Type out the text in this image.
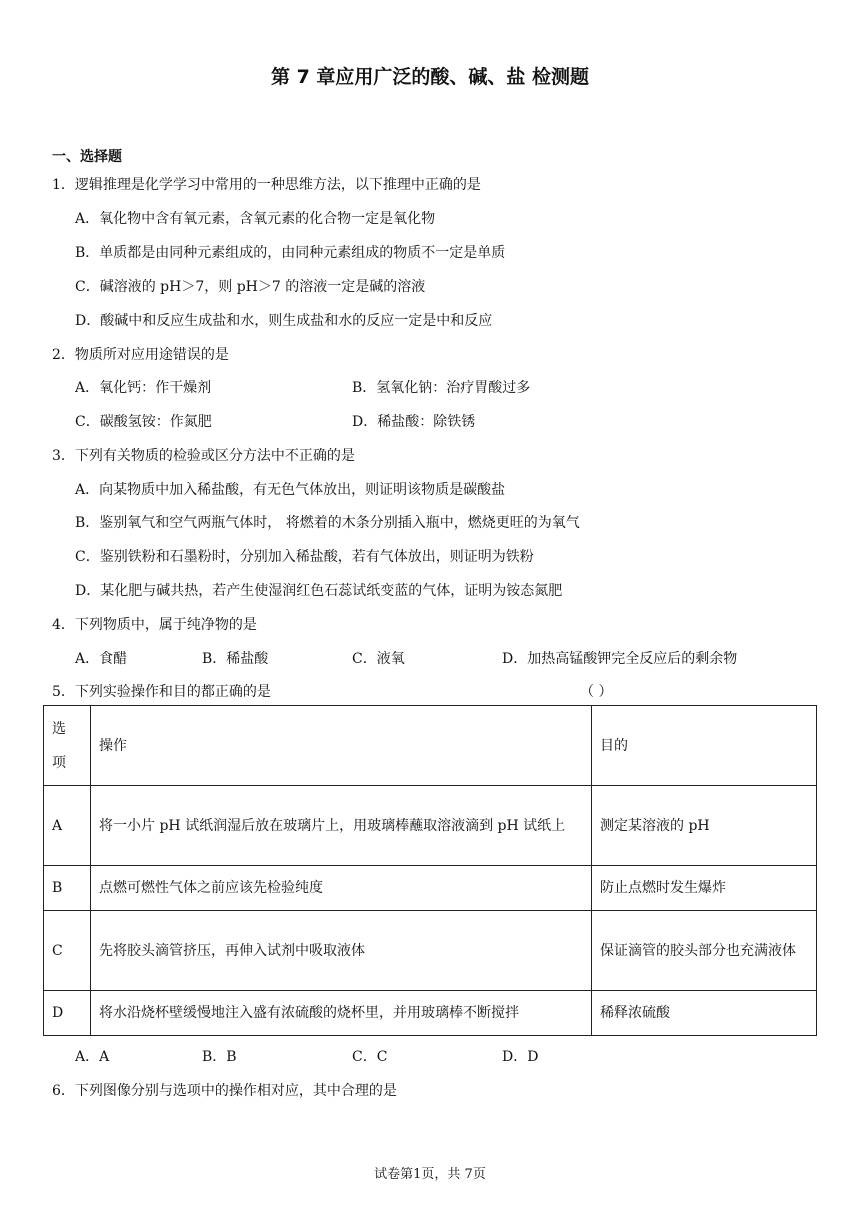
第 7 章应用广泛的酸、碱、盐 检测题
一、选择题
1．逻辑推理是化学学习中常用的一种思维方法，以下推理中正确的是
A．氧化物中含有氧元素，含氧元素的化合物一定是氧化物
B．单质都是由同种元素组成的，由同种元素组成的物质不一定是单质
C．碱溶液的 pH＞7，则 pH＞7 的溶液一定是碱的溶液
D．酸碱中和反应生成盐和水，则生成盐和水的反应一定是中和反应
2．物质所对应用途错误的是
A．氧化钙：作干燥剂	B．氢氧化钠：治疗胃酸过多
C．碳酸氢铵：作氮肥	D．稀盐酸：除铁锈
3．下列有关物质的检验或区分方法中不正确的是
A．向某物质中加入稀盐酸，有无色气体放出，则证明该物质是碳酸盐
B．鉴别氧气和空气两瓶气体时， 将燃着的木条分别插入瓶中，燃烧更旺的为氧气
C．鉴别铁粉和石墨粉时，分别加入稀盐酸，若有气体放出，则证明为铁粉
D．某化肥与碱共热，若产生使湿润红色石蕊试纸变蓝的气体，证明为铵态氮肥
4．下列物质中，属于纯净物的是
A．食醋	B．稀盐酸	C．液氧	D．加热高锰酸钾完全反应后的剩余物
5．下列实验操作和目的都正确的是	（ ）
选项	操作	目的
A	将一小片 pH 试纸润湿后放在玻璃片上，用玻璃棒蘸取溶液滴到 pH 试纸上	测定某溶液的 pH
B	点燃可燃性气体之前应该先检验纯度	防止点燃时发生爆炸
C	先将胶头滴管挤压，再伸入试剂中吸取液体	保证滴管的胶头部分也充满液体
D	将水沿烧杯壁缓慢地注入盛有浓硫酸的烧杯里，并用玻璃棒不断搅拌	稀释浓硫酸
A．A	B．B	C．C	D．D
6．下列图像分别与选项中的操作相对应，其中合理的是
试卷第1页，共 7页
